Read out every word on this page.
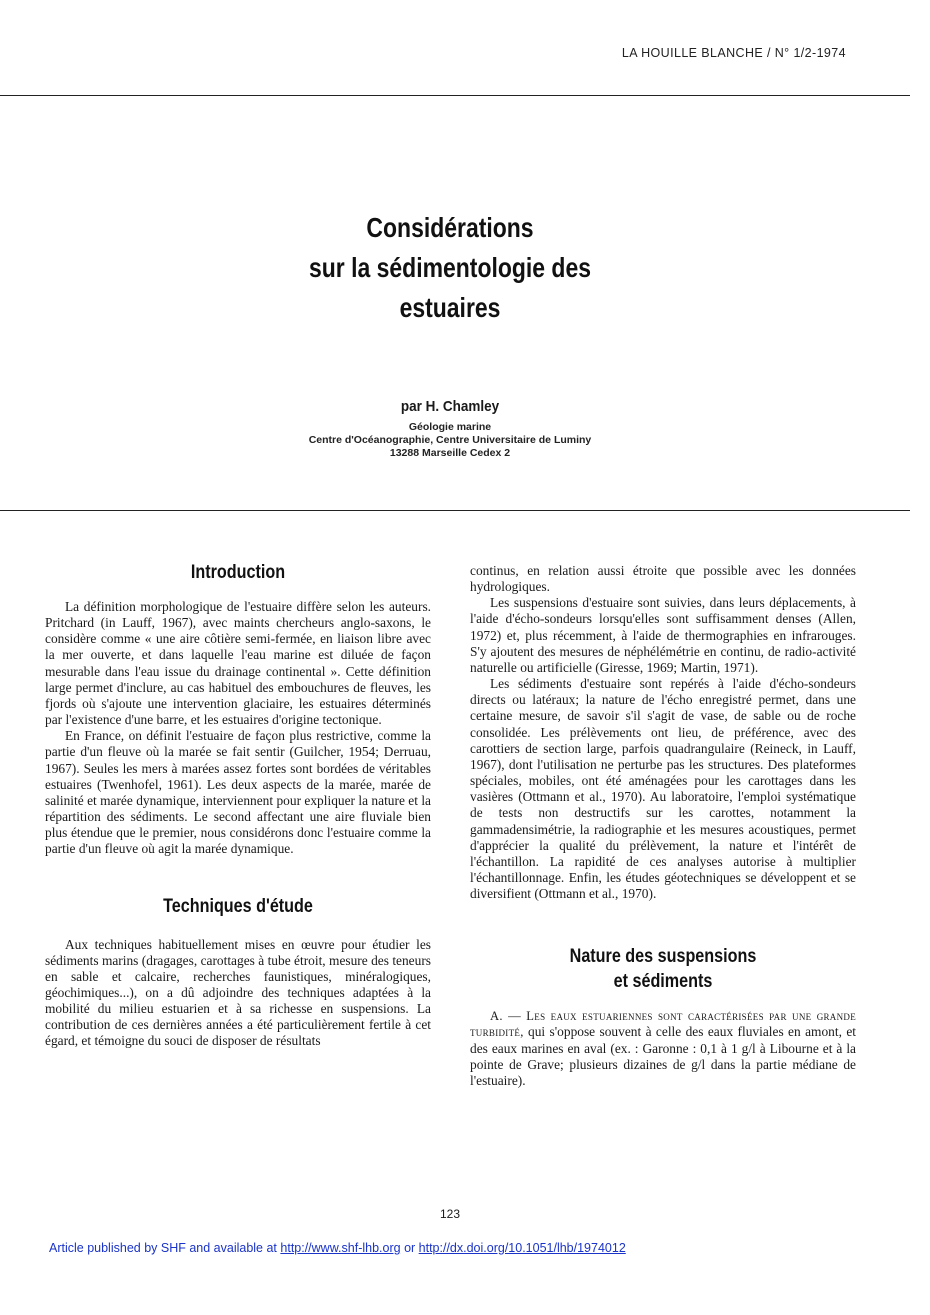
LA HOUILLE BLANCHE / N° 1/2-1974
Considérations
sur la sédimentologie des
estuaires
par H. Chamley
Géologie marine
Centre d'Océanographie, Centre Universitaire de Luminy
13288 Marseille Cedex 2
Introduction

La définition morphologique de l'estuaire diffère selon les auteurs. Pritchard (in Lauff, 1967), avec maints chercheurs anglo-saxons, le considère comme « une aire côtière semi-fermée, en liaison libre avec la mer ouverte, et dans laquelle l'eau marine est diluée de façon mesurable dans l'eau issue du drainage continental ». Cette définition large permet d'inclure, au cas habituel des embouchures de fleuves, les fjords où s'ajoute une intervention glaciaire, les estuaires déterminés par l'existence d'une barre, et les estuaires d'origine tectonique.

En France, on définit l'estuaire de façon plus restrictive, comme la partie d'un fleuve où la marée se fait sentir (Guilcher, 1954; Derruau, 1967). Seules les mers à marées assez fortes sont bordées de véritables estuaires (Twenhofel, 1961). Les deux aspects de la marée, marée de salinité et marée dynamique, interviennent pour expliquer la nature et la répartition des sédiments. Le second affectant une aire fluviale bien plus étendue que le premier, nous considérons donc l'estuaire comme la partie d'un fleuve où agit la marée dynamique.

Techniques d'étude

Aux techniques habituellement mises en œuvre pour étudier les sédiments marins (dragages, carottages à tube étroit, mesure des teneurs en sable et calcaire, recherches faunistiques, minéralogiques, géochimiques...), on a dû adjoindre des techniques adaptées à la mobilité du milieu estuarien et à sa richesse en suspensions. La contribution de ces dernières années a été particulièrement fertile à cet égard, et témoigne du souci de disposer de résultats

continus, en relation aussi étroite que possible avec les données hydrologiques.

Les suspensions d'estuaire sont suivies, dans leurs déplacements, à l'aide d'écho-sondeurs lorsqu'elles sont suffisamment denses (Allen, 1972) et, plus récemment, à l'aide de thermographies en infrarouges. S'y ajoutent des mesures de néphélémétrie en continu, de radio-activité naturelle ou artificielle (Giresse, 1969; Martin, 1971).

Les sédiments d'estuaire sont repérés à l'aide d'écho-sondeurs directs ou latéraux; la nature de l'écho enregistré permet, dans une certaine mesure, de savoir s'il s'agit de vase, de sable ou de roche consolidée. Les prélèvements ont lieu, de préférence, avec des carottiers de section large, parfois quadrangulaire (Reineck, in Lauff, 1967), dont l'utilisation ne perturbe pas les structures. Des plateformes spéciales, mobiles, ont été aménagées pour les carottages dans les vasières (Ottmann et al., 1970). Au laboratoire, l'emploi systématique de tests non destructifs sur les carottes, notamment la gammadensimétrie, la radiographie et les mesures acoustiques, permet d'apprécier la qualité du prélèvement, la nature et l'intérêt de l'échantillon. La rapidité de ces analyses autorise à multiplier l'échantillonnage. Enfin, les études géotechniques se développent et se diversifient (Ottmann et al., 1970).

Nature des suspensions
et sédiments

A. — Les eaux estuariennes sont caractérisées par une grande turbidité, qui s'oppose souvent à celle des eaux fluviales en amont, et des eaux marines en aval (ex. : Garonne : 0,1 à 1 g/l à Libourne et à la pointe de Grave; plusieurs dizaines de g/l dans la partie médiane de l'estuaire).

123
Article published by SHF and available at http://www.shf-lhb.org or http://dx.doi.org/10.1051/lhb/1974012
